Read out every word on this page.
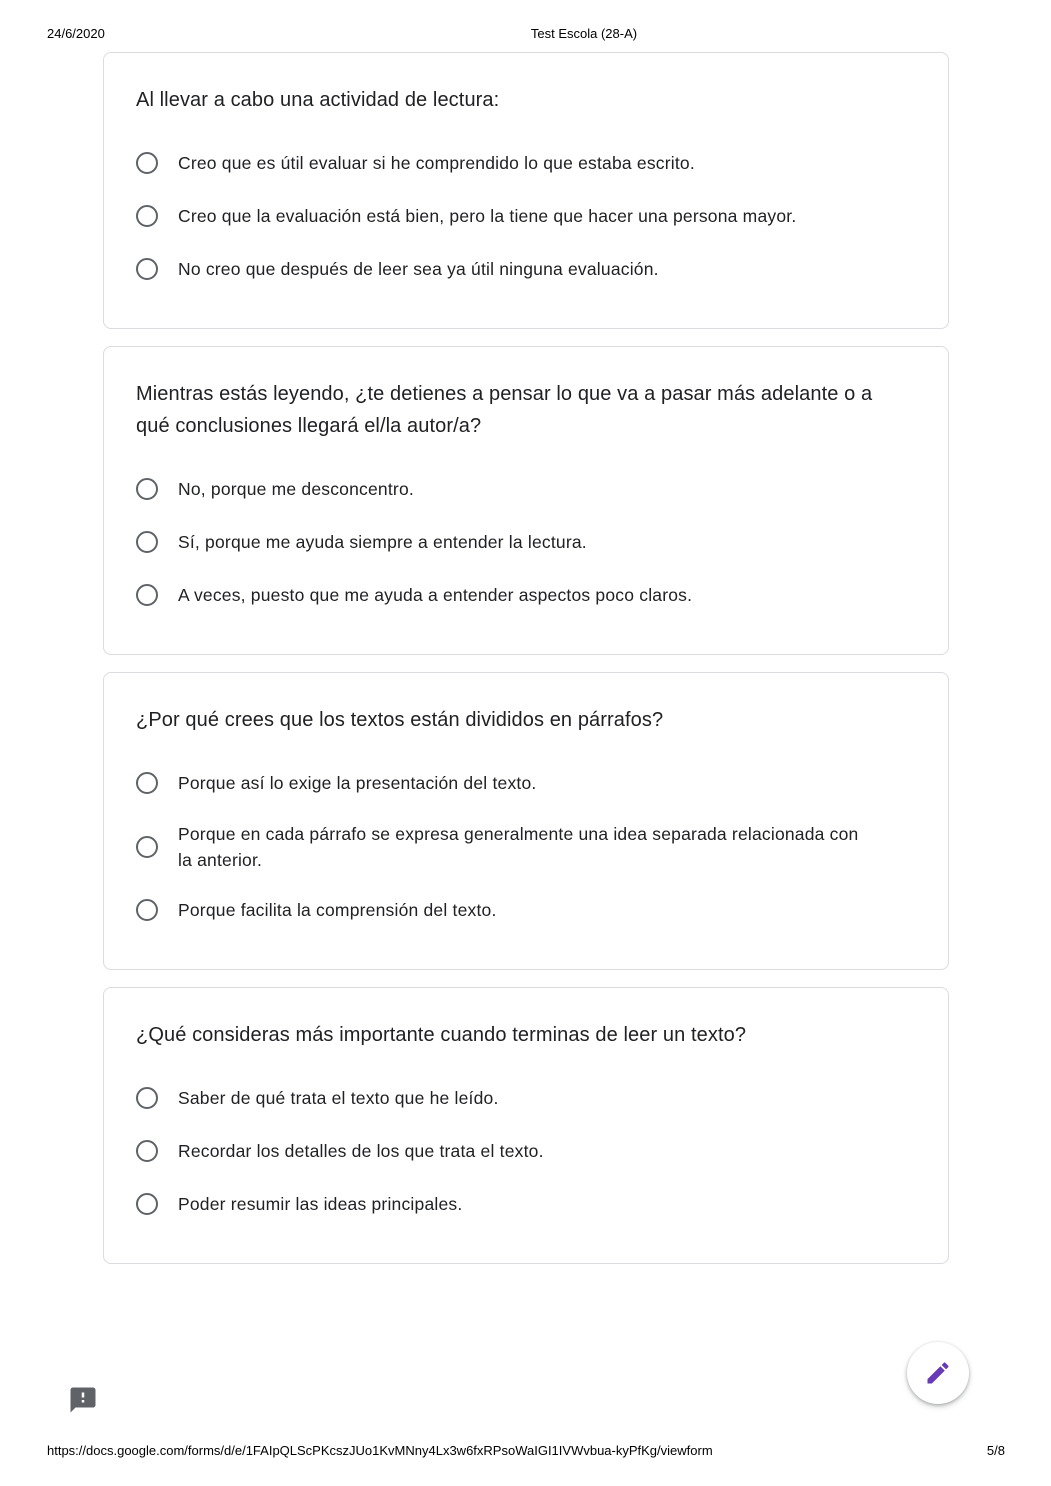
24/6/2020	Test Escola (28-A)
Al llevar a cabo una actividad de lectura:
Creo que es útil evaluar si he comprendido lo que estaba escrito.
Creo que la evaluación está bien, pero la tiene que hacer una persona mayor.
No creo que después de leer sea ya útil ninguna evaluación.
Mientras estás leyendo, ¿te detienes a pensar lo que va a pasar más adelante o a
qué conclusiones llegará el/la autor/a?
No, porque me desconcentro.
Sí, porque me ayuda siempre a entender la lectura.
A veces, puesto que me ayuda a entender aspectos poco claros.
¿Por qué crees que los textos están divididos en párrafos?
Porque así lo exige la presentación del texto.
Porque en cada párrafo se expresa generalmente una idea separada relacionada con
la anterior.
Porque facilita la comprensión del texto.
¿Qué consideras más importante cuando terminas de leer un texto?
Saber de qué trata el texto que he leído.
Recordar los detalles de los que trata el texto.
Poder resumir las ideas principales.
https://docs.google.com/forms/d/e/1FAIpQLScPKcszJUo1KvMNny4Lx3w6fxRPsoWaIGI1IVWvbua-kyPfKg/viewform	5/8
